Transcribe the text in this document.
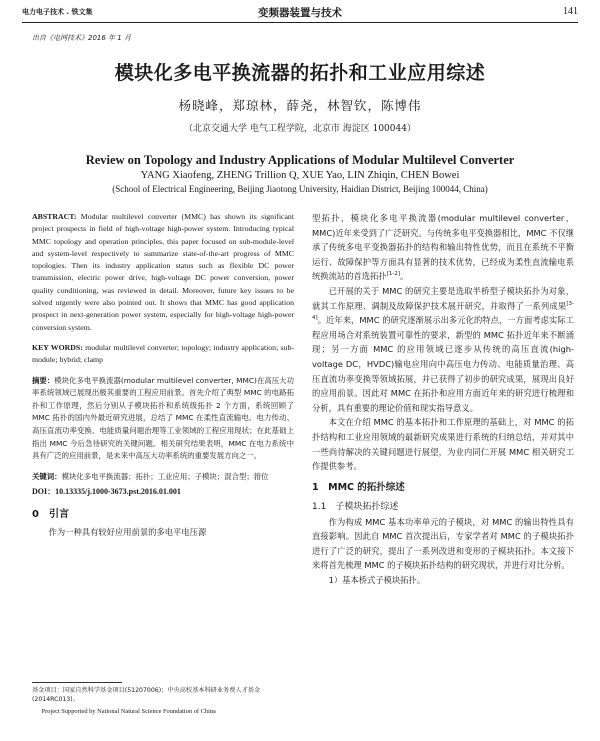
电力电子技术 . 铁文集	变频器装置与技术	141
出自《电网技术》2016 年 1 月
模块化多电平换流器的拓扑和工业应用综述
杨晓峰，郑琼林，薛尧，林智钦，陈博伟
（北京交通大学 电气工程学院，北京市 海淀区 100044）
Review on Topology and Industry Applications of Modular Multilevel Converter
YANG Xiaofeng, ZHENG Trillion Q, XUE Yao, LIN Zhiqin, CHEN Bowei
(School of Electrical Engineering, Beijing Jiaotong University, Haidian District, Beijing 100044, China)

ABSTRACT: Modular multilevel converter (MMC) has shown its significant project prospects in field of high-voltage high-power system. Introducing typical MMC topology and operation principles, this paper focused on sub-module-level and system-level respectively to summarize state-of-the-art progress of MMC topologies. Then its industry application status such as flexible DC power transmission, electric power drive, high-voltage DC power conversion, power quality conditioning, was reviewed in detail. Moreover, future key issues to be solved urgently were also pointed out. It shows that MMC has good application prospect in next-generation power system, especially for high-voltage high-power conversion system.

KEY WORDS: modular multilevel converter; topology; industry application; sub-module; hybrid; clamp

摘要：模块化多电平换流器(modular multilevel converter, MMC)在高压大功率系统领域已展现出极其重要的工程应用前景。首先介绍了典型 MMC 的电路拓扑和工作原理，然后分别从子模块拓扑和系统级拓扑 2 个方面，系统回顾了 MMC 拓扑的国内外最近研究进展，总结了 MMC 在柔性直流输电、电力传动、高压直流功率变换、电能质量问题治理等工业领域的工程应用现状；在此基础上指出 MMC 今后急待研究的关键问题。相关研究结果表明，MMC 在电力系统中具有广泛的应用前景，是未来中高压大功率系统的重要发展方向之一。

关键词：模块化多电平换流器；拓扑；工业应用；子模块；混合型；箝位

DOI：10.13335/j.1000-3673.pst.2016.01.001

0　引言

作为一种具有较好应用前景的多电平电压源

基金项目：国家自然科学基金项目(51207006)；中央高校基本科研业务费人才基金(2014RC013)。

Project Supported by National Natural Science Foundation of China

型拓扑，模块化多电平换流器(modular multilevel converter，MMC)近年来受到了广泛研究。与传统多电平变换器相比，MMC 不仅继承了传统多电平变换器拓扑的结构和输出特性优势，而且在系统不平衡运行、故障保护等方面具有显著的技术优势，已经成为柔性直流输电系统换流站的首选拓扑[1-2]。

已开展的关于 MMC 的研究主要是选取半桥型子模块拓扑为对象，就其工作原理、调制及故障保护技术展开研究，并取得了一系列成果[3-4]。近年来，MMC 的研究逐渐展示出多元化的特点，一方面考虑实际工程应用场合对系统装置可靠性的要求，新型的 MMC 拓扑近年来不断涌现；另一方面 MMC 的应用领域已逐步从传统的高压直流(high-voltage DC，HVDC)输电应用向中高压电力传动、电能质量治理、高压直流功率变换等领域拓展，并已获得了初步的研究成果，展现出良好的应用前景。因此对 MMC 在拓扑和应用方面近年来的研究进行梳理和分析，具有重要的理论价值和现实指导意义。

本文在介绍 MMC 的基本拓扑和工作原理的基础上，对 MMC 的拓扑结构和工业应用领域的最新研究成果进行系统的归纳总结，并对其中一些尚待解决的关键问题进行展望，为业内同仁开展 MMC 相关研究工作提供参考。

1　MMC 的拓扑综述

1.1　子模块拓扑综述

作为构成 MMC 基本功率单元的子模块，对 MMC 的输出特性具有直接影响。因此自 MMC 首次提出后，专家学者对 MMC 的子模块拓扑进行了广泛的研究，提出了一系列改进和变形的子模块拓扑。本文接下来将首先梳理 MMC 的子模块拓扑结构的研究现状，并进行对比分析。

1）基本桥式子模块拓扑。
